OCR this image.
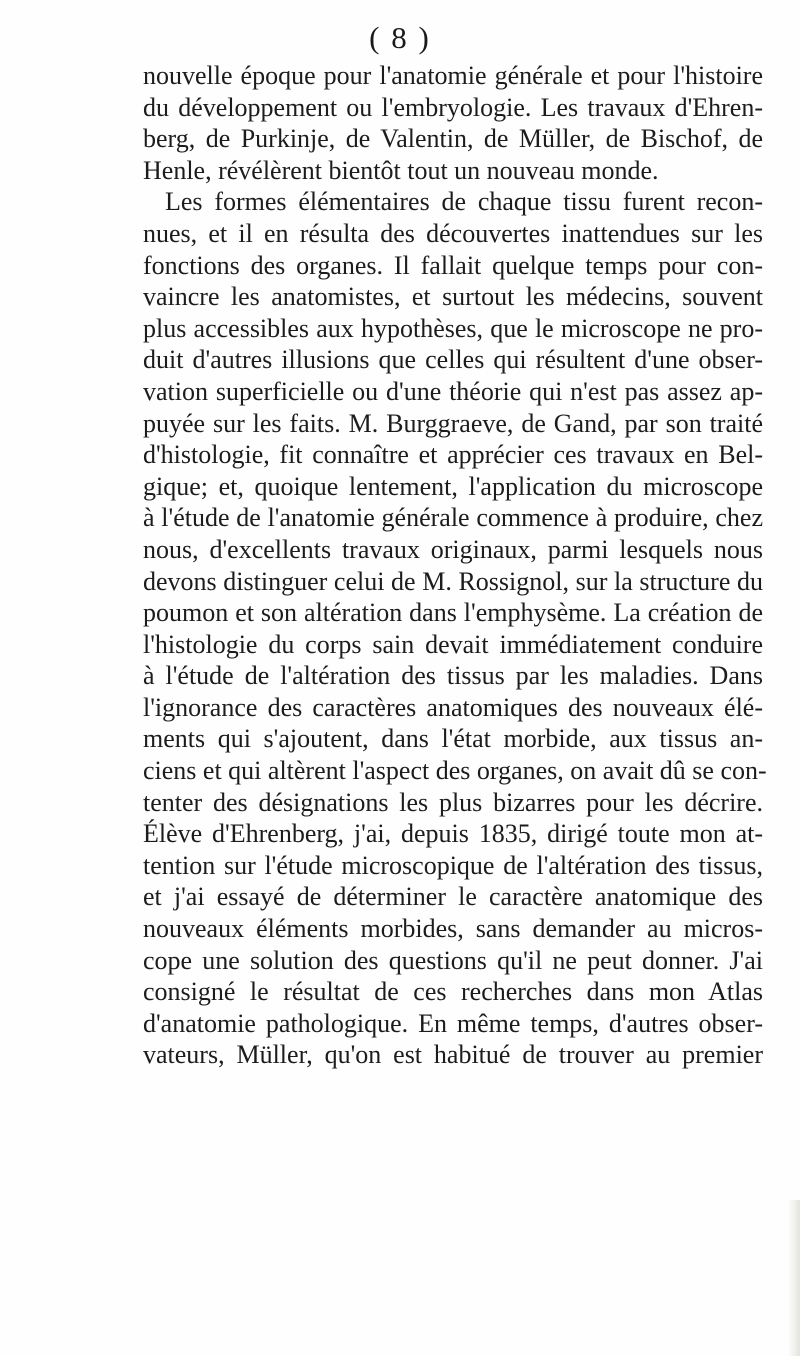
( 8 )
nouvelle époque pour l'anatomie générale et pour l'histoire
du développement ou l'embryologie. Les travaux d'Ehren-
berg, de Purkinje, de Valentin, de Müller, de Bischof, de
Henle, révélèrent bientôt tout un nouveau monde.
Les formes élémentaires de chaque tissu furent recon-
nues, et il en résulta des découvertes inattendues sur les
fonctions des organes. Il fallait quelque temps pour con-
vaincre les anatomistes, et surtout les médecins, souvent
plus accessibles aux hypothèses, que le microscope ne pro-
duit d'autres illusions que celles qui résultent d'une obser-
vation superficielle ou d'une théorie qui n'est pas assez ap-
puyée sur les faits. M. Burggraeve, de Gand, par son traité
d'histologie, fit connaître et apprécier ces travaux en Bel-
gique; et, quoique lentement, l'application du microscope
à l'étude de l'anatomie générale commence à produire, chez
nous, d'excellents travaux originaux, parmi lesquels nous
devons distinguer celui de M. Rossignol, sur la structure du
poumon et son altération dans l'emphysème. La création de
l'histologie du corps sain devait immédiatement conduire
à l'étude de l'altération des tissus par les maladies. Dans
l'ignorance des caractères anatomiques des nouveaux élé-
ments qui s'ajoutent, dans l'état morbide, aux tissus an-
ciens et qui altèrent l'aspect des organes, on avait dû se con-
tenter des désignations les plus bizarres pour les décrire.
Élève d'Ehrenberg, j'ai, depuis 1835, dirigé toute mon at-
tention sur l'étude microscopique de l'altération des tissus,
et j'ai essayé de déterminer le caractère anatomique des
nouveaux éléments morbides, sans demander au micros-
cope une solution des questions qu'il ne peut donner. J'ai
consigné le résultat de ces recherches dans mon Atlas
d'anatomie pathologique. En même temps, d'autres obser-
vateurs, Müller, qu'on est habitué de trouver au premier
